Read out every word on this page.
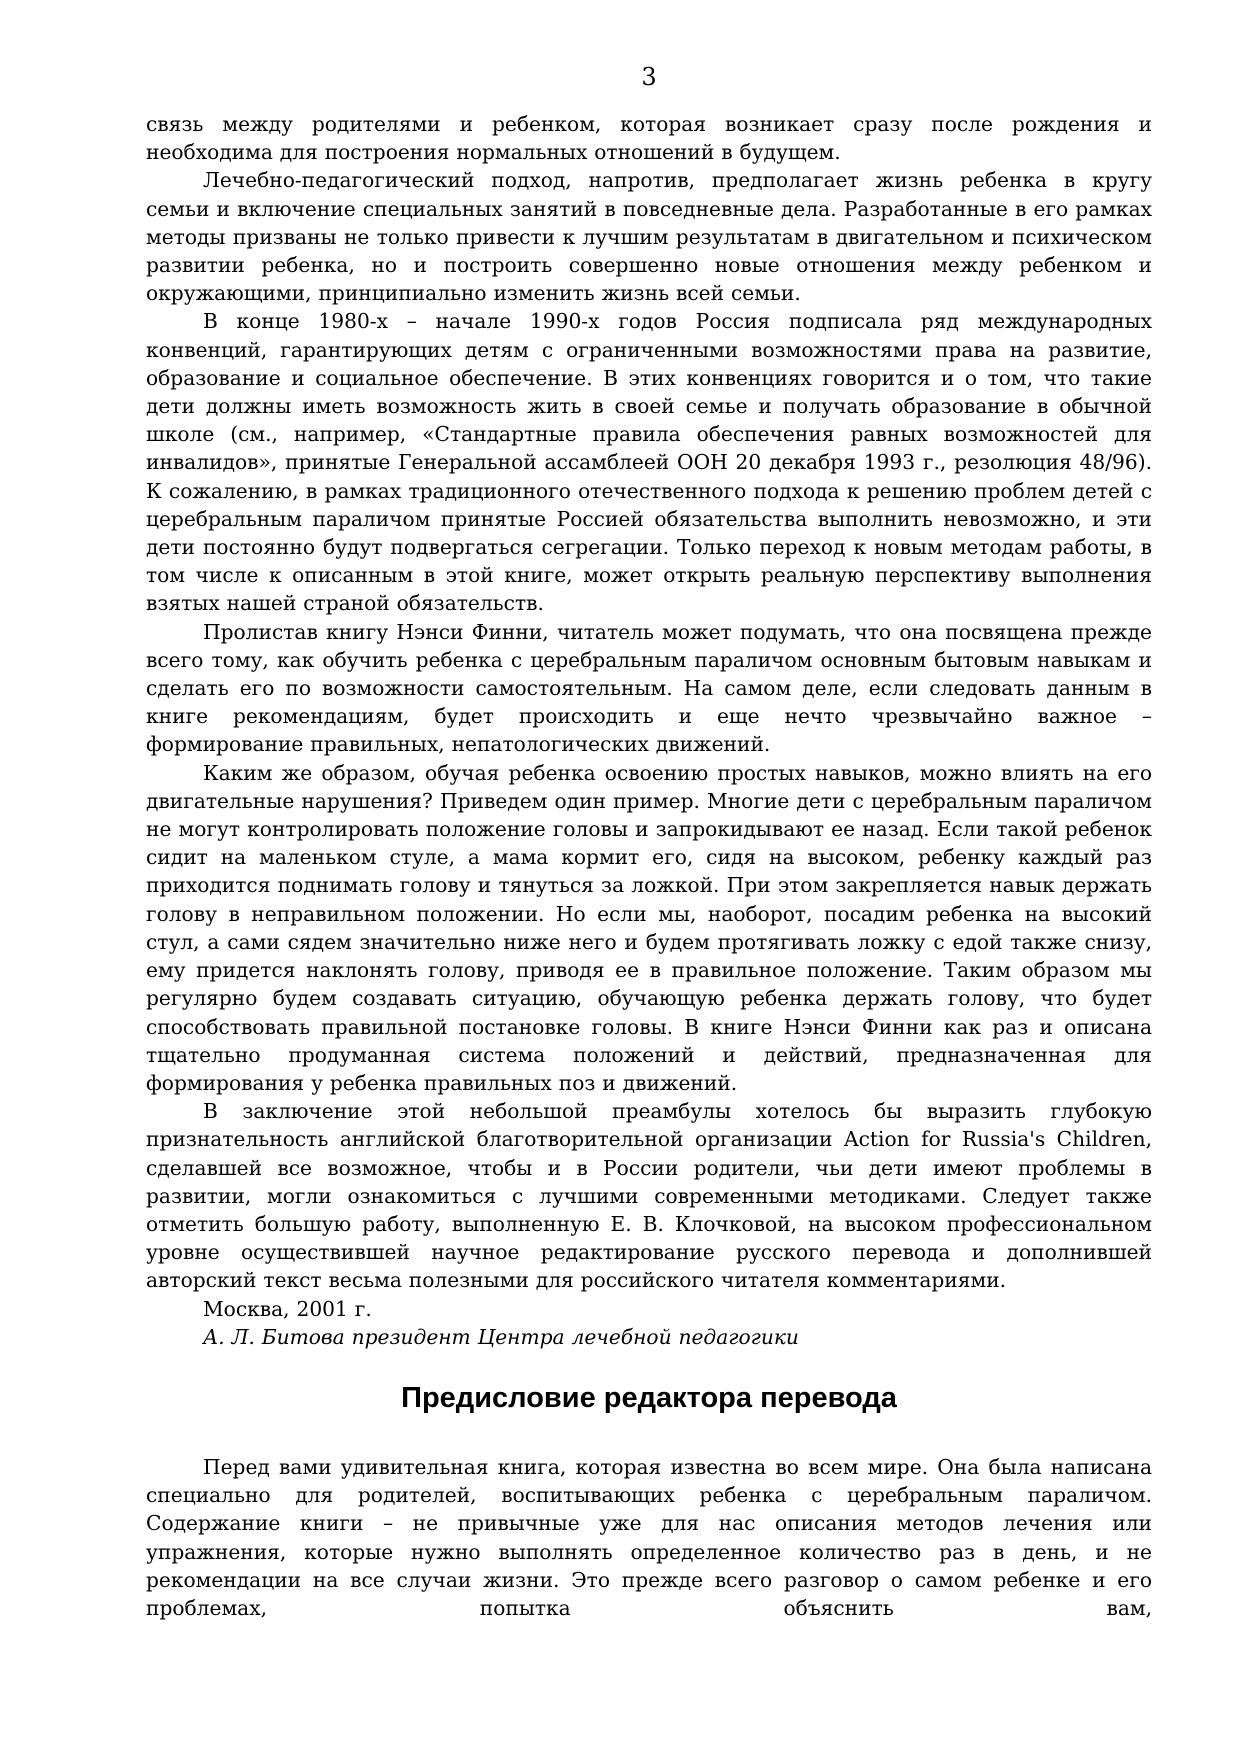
3

связь между родителями и ребенком, которая возникает сразу после рождения и необходима для построения нормальных отношений в будущем.

Лечебно-педагогический подход, напротив, предполагает жизнь ребенка в кругу семьи и включение специальных занятий в повседневные дела. Разработанные в его рамках методы призваны не только привести к лучшим результатам в двигательном и психическом развитии ребенка, но и построить совершенно новые отношения между ребенком и окружающими, принципиально изменить жизнь всей семьи.

В конце 1980-х – начале 1990-х годов Россия подписала ряд международных конвенций, гарантирующих детям с ограниченными возможностями права на развитие, образование и социальное обеспечение. В этих конвенциях говорится и о том, что такие дети должны иметь возможность жить в своей семье и получать образование в обычной школе (см., например, «Стандартные правила обеспечения равных возможностей для инвалидов», принятые Генеральной ассамблеей ООН 20 декабря 1993 г., резолюция 48/96). К сожалению, в рамках традиционного отечественного подхода к решению проблем детей с церебральным параличом принятые Россией обязательства выполнить невозможно, и эти дети постоянно будут подвергаться сегрегации. Только переход к новым методам работы, в том числе к описанным в этой книге, может открыть реальную перспективу выполнения взятых нашей страной обязательств.

Пролистав книгу Нэнси Финни, читатель может подумать, что она посвящена прежде всего тому, как обучить ребенка с церебральным параличом основным бытовым навыкам и сделать его по возможности самостоятельным. На самом деле, если следовать данным в книге рекомендациям, будет происходить и еще нечто чрезвычайно важное – формирование правильных, непатологических движений.

Каким же образом, обучая ребенка освоению простых навыков, можно влиять на его двигательные нарушения? Приведем один пример. Многие дети с церебральным параличом не могут контролировать положение головы и запрокидывают ее назад. Если такой ребенок сидит на маленьком стуле, а мама кормит его, сидя на высоком, ребенку каждый раз приходится поднимать голову и тянуться за ложкой. При этом закрепляется навык держать голову в неправильном положении. Но если мы, наоборот, посадим ребенка на высокий стул, а сами сядем значительно ниже него и будем протягивать ложку с едой также снизу, ему придется наклонять голову, приводя ее в правильное положение. Таким образом мы регулярно будем создавать ситуацию, обучающую ребенка держать голову, что будет способствовать правильной постановке головы. В книге Нэнси Финни как раз и описана тщательно продуманная система положений и действий, предназначенная для формирования у ребенка правильных поз и движений.

В заключение этой небольшой преамбулы хотелось бы выразить глубокую признательность английской благотворительной организации Action for Russia's Children, сделавшей все возможное, чтобы и в России родители, чьи дети имеют проблемы в развитии, могли ознакомиться с лучшими современными методиками. Следует также отметить большую работу, выполненную Е. В. Клочковой, на высоком профессиональном уровне осуществившей научное редактирование русского перевода и дополнившей авторский текст весьма полезными для российского читателя комментариями.

Москва, 2001 г.

А. Л. Битова президент Центра лечебной педагогики

Предисловие редактора перевода

Перед вами удивительная книга, которая известна во всем мире. Она была написана специально для родителей, воспитывающих ребенка с церебральным параличом. Содержание книги – не привычные уже для нас описания методов лечения или упражнения, которые нужно выполнять определенное количество раз в день, и не рекомендации на все случаи жизни. Это прежде всего разговор о самом ребенке и его проблемах, попытка объяснить вам,
